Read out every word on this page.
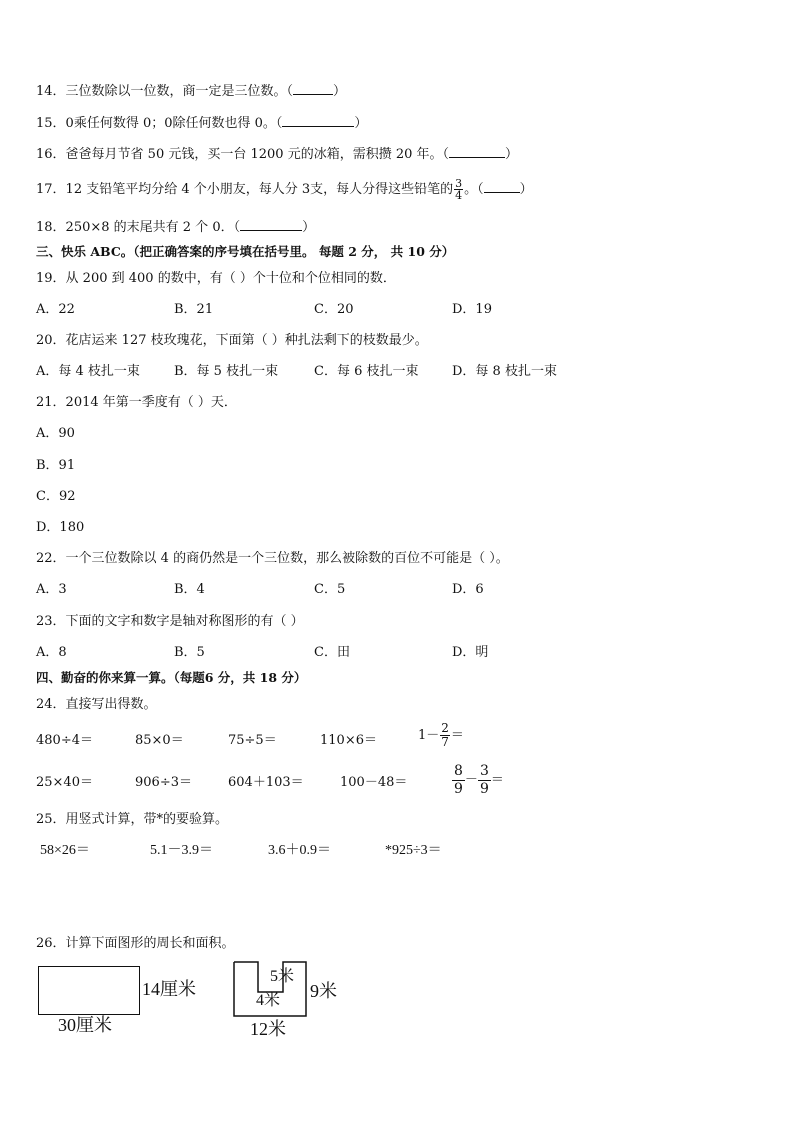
14．三位数除以一位数，商一定是三位数。（	）
15．0乘任何数得 0；0除任何数也得 0。（	）
16．爸爸每月节省 50 元钱，买一台 1200 元的冰箱，需积攒 20 年。（	）
17．12 支铅笔平均分给 4 个小朋友，每人分 3支，每人分得这些铅笔的 $\frac{3}{4}$ 。（	）
18．250×8 的末尾共有 2 个 0．（	）
三、快乐 ABC。（把正确答案的序号填在括号里。 每题 2 分， 共 10 分）
19．从 200 到 400 的数中，有（ ）个十位和个位相同的数．
A．22	B．21	C．20	D．19
20．花店运来 127 枝玫瑰花，下面第（ ）种扎法剩下的枝数最少。
A．每 4 枝扎一束	B．每 5 枝扎一束	C．每 6 枝扎一束	D．每 8 枝扎一束
21．2014 年第一季度有（ ）天．
A．90
B．91
C．92
D．180
22．一个三位数除以 4 的商仍然是一个三位数，那么被除数的百位不可能是（ ）。
A．3	B．4	C．5	D．6
23．下面的文字和数字是轴对称图形的有（ ）
A．8	B．5	C．田	D．明
四、勤奋的你来算一算。（每题6 分，共 18 分）
24．直接写出得数。
480÷4＝	85×0＝	75÷5＝	110×6＝	$1- \frac{2}{7}$ ＝
25×40＝	906÷3＝	604＋103＝	100－48＝	$\frac{8}{9} - \frac{3}{9}$ ＝
25．用竖式计算，带*的要验算。
58×26＝	5.1－3.9＝	3.6＋0.9＝	*925÷3＝
26．计算下面图形的周长和面积。
14厘米
30厘米
5米
4米 9米
12米
